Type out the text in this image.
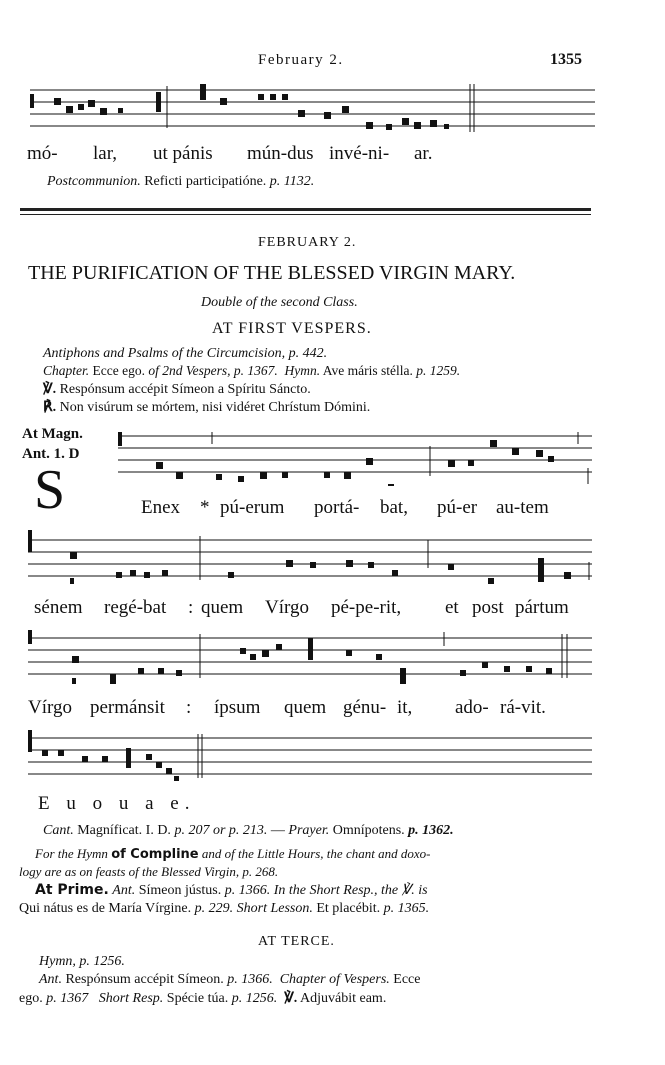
February 2.	1355
mó- lar, ut pánis mún-dus invé-ni- ar.
Postcommunion. Reficti participatióne. p. 1132.
FEBRUARY 2.
THE PURIFICATION OF THE BLESSED VIRGIN MARY.
Double of the second Class.
AT FIRST VESPERS.
Antiphons and Psalms of the Circumcision, p. 442.
Chapter. Ecce ego. of 2nd Vespers, p. 1367. Hymn. Ave máris stélla. p. 1259.
℣. Respónsum accépit Símeon a Spíritu Sáncto.
℟. Non visúrum se mórtem, nisi vidéret Chrístum Dómini.
At Magn.
Ant. 1. D
S	Enex * pú-erum portá- bat, pú-er au-tem
sénem regé-bat : quem Vírgo pé-pe-rit, et post pártum
Vírgo permánsit : ípsum quem génu- it, ado- rá-vit.
E u o u a e.
Cant. Magníficat. I. D. p. 207 or p. 213. — Prayer. Omnípotens. p. 1362.
For the Hymn of Compline and of the Little Hours, the chant and doxo-
logy are as on feasts of the Blessed Virgin, p. 268.
At Prime. Ant. Símeon jústus. p. 1366. In the Short Resp., the ℣. is
Qui nátus es de María Vírgine. p. 229. Short Lesson. Et placébit. p. 1365.
AT TERCE.
Hymn, p. 1256.
Ant. Respónsum accépit Símeon. p. 1366. Chapter of Vespers. Ecce
ego. p. 1367 Short Resp. Spécie túa. p. 1256. ℣. Adjuvábit eam.
